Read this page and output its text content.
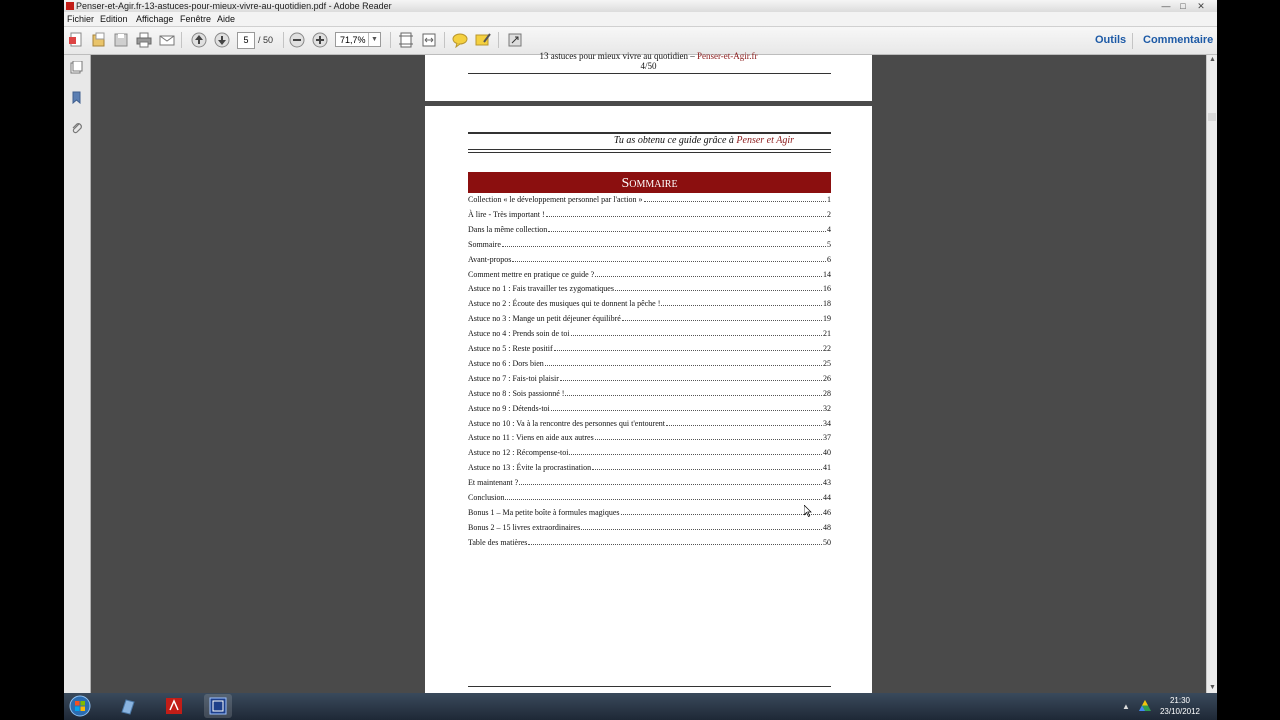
Penser-et-Agir.fr-13-astuces-pour-mieux-vivre-au-quotidien.pdf - Adobe Reader	—	□	✕
Fichier Edition Affichage Fenêtre Aide
5	/ 50	71,7% ▼	Outils Commentaire
13 astuces pour mieux vivre au quotidien – Penser-et-Agir.fr
4/50
Tu as obtenu ce guide grâce à Penser et Agir
Sommaire
Collection « le développement personnel par l'action »	1
À lire - Très important !	2
Dans la même collection	4
Sommaire	5
Avant-propos	6
Comment mettre en pratique ce guide ?	14
Astuce no 1 : Fais travailler tes zygomatiques	16
Astuce no 2 : Écoute des musiques qui te donnent la pêche !	18
Astuce no 3 : Mange un petit déjeuner équilibré	19
Astuce no 4 : Prends soin de toi	21
Astuce no 5 : Reste positif	22
Astuce no 6 : Dors bien	25
Astuce no 7 : Fais-toi plaisir	26
Astuce no 8 : Sois passionné !	28
Astuce no 9 : Détends-toi	32
Astuce no 10 : Va à la rencontre des personnes qui t'entourent	34
Astuce no 11 : Viens en aide aux autres	37
Astuce no 12 : Récompense-toi	40
Astuce no 13 : Évite la procrastination	41
Et maintenant ?	43
Conclusion	44
Bonus 1 – Ma petite boîte à formules magiques	46
Bonus 2 – 15 livres extraordinaires	48
Table des matières	50
▲
▼
▲
21:30
23/10/2012
